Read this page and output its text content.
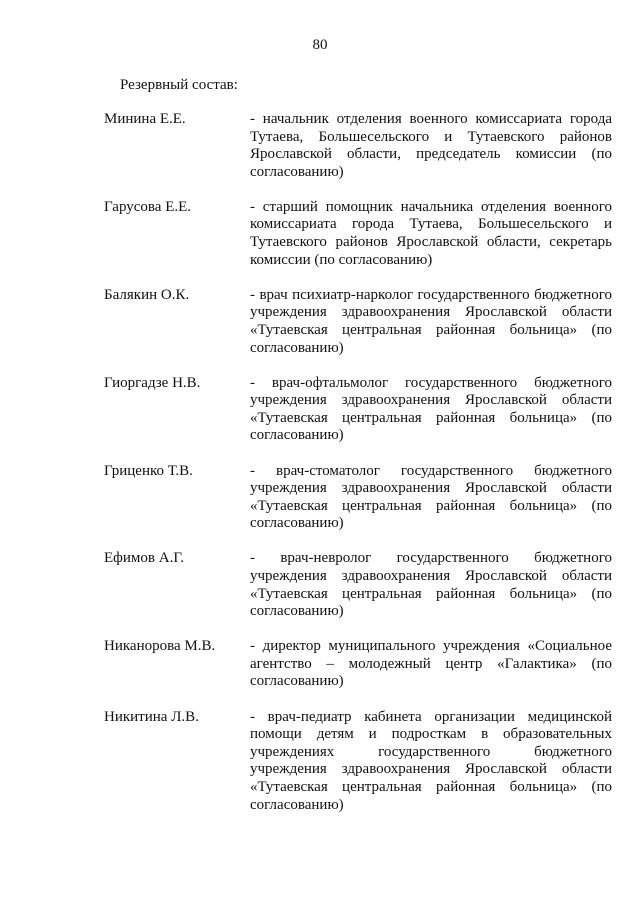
80
Резервный состав:
Минина Е.Е.	- начальник отделения военного комиссариата города Тутаева, Большесельского и Тутаевского районов Ярославской области, председатель комиссии (по согласованию)
Гарусова Е.Е.	- старший помощник начальника отделения военного комиссариата города Тутаева, Большесельского и Тутаевского районов Ярославской области, секретарь комиссии (по согласованию)
Балякин О.К.	- врач психиатр-нарколог государственного бюджетного учреждения здравоохранения Ярославской области «Тутаевская центральная районная больница» (по согласованию)
Гиоргадзе Н.В.	- врач-офтальмолог государственного бюджетного учреждения здравоохранения Ярославской области «Тутаевская центральная районная больница» (по согласованию)
Гриценко Т.В.	- врач-стоматолог государственного бюджетного учреждения здравоохранения Ярославской области «Тутаевская центральная районная больница» (по согласованию)
Ефимов А.Г.	- врач-невролог государственного бюджетного учреждения здравоохранения Ярославской области «Тутаевская центральная районная больница» (по согласованию)
Никанорова М.В.	- директор муниципального учреждения «Социальное агентство – молодежный центр «Галактика» (по согласованию)
Никитина Л.В.	- врач-педиатр кабинета организации медицинской помощи детям и подросткам в образовательных учреждениях государственного бюджетного учреждения здравоохранения Ярославской области «Тутаевская центральная районная больница» (по согласованию)
